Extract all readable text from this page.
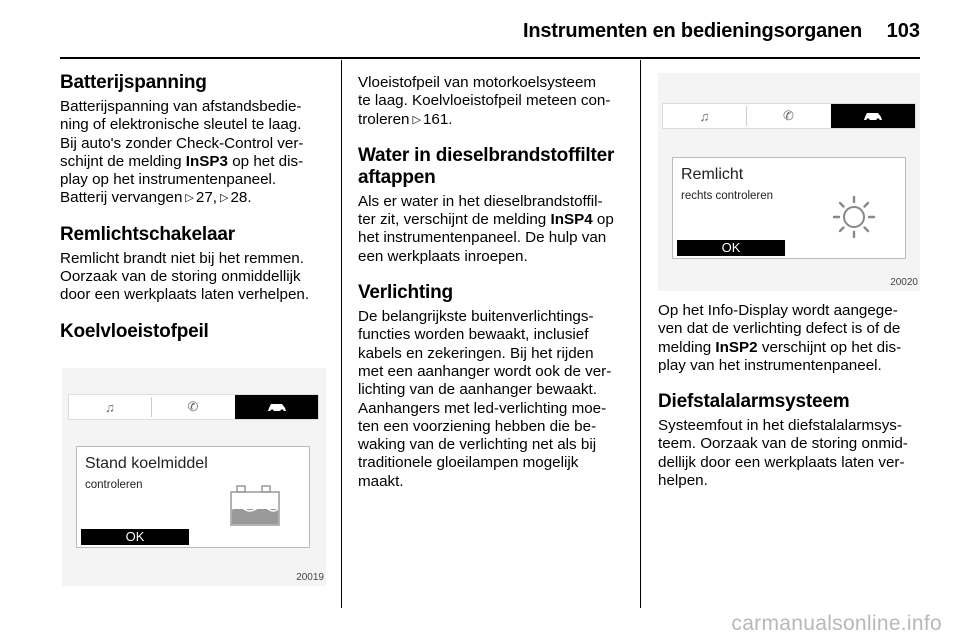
Instrumenten en bedieningsorganen 103
Batterijspanning

Batterijspanning van afstandsbedie-

ning of elektronische sleutel te laag.

Bij auto's zonder Check-Control ver-

schijnt de melding InSP3 op het dis-

play op het instrumentenpaneel.

Batterij vervangen ▷ 27, ▷ 28.

Remlichtschakelaar

Remlicht brandt niet bij het remmen.

Oorzaak van de storing onmiddellijk

door een werkplaats laten verhelpen.

Koelvloeistofpeil
♫	✆
Stand koelmiddel
controleren
OK
20019

Vloeistofpeil van motorkoelsysteem

te laag. Koelvloeistofpeil meteen con-

troleren ▷ 161.

Water in dieselbrandstoffilter
aftappen

Als er water in het dieselbrandstoffil-

ter zit, verschijnt de melding InSP4 op

het instrumentenpaneel. De hulp van

een werkplaats inroepen.

Verlichting

De belangrijkste buitenverlichtings-

functies worden bewaakt, inclusief

kabels en zekeringen. Bij het rijden

met een aanhanger wordt ook de ver-

lichting van de aanhanger bewaakt.

Aanhangers met led-verlichting moe-

ten een voorziening hebben die be-

waking van de verlichting net als bij

traditionele gloeilampen mogelijk

maakt.

♫	✆
Remlicht
rechts controleren
OK
20020

Op het Info-Display wordt aangege-

ven dat de verlichting defect is of de

melding InSP2 verschijnt op het dis-

play van het instrumentenpaneel.

Diefstalalarmsysteem

Systeemfout in het diefstalalarmsys-

teem. Oorzaak van de storing onmid-

dellijk door een werkplaats laten ver-

helpen.

carmanualsonline.info
